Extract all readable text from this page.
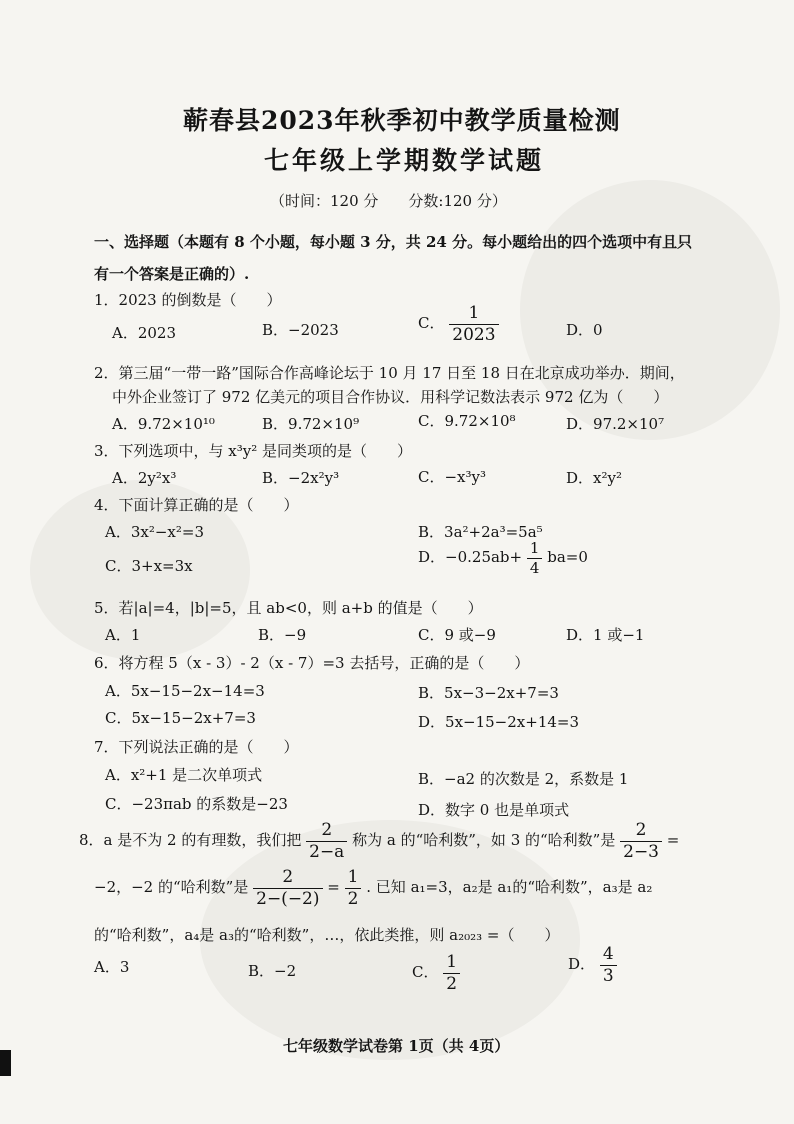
蕲春县2023年秋季初中教学质量检测
七年级上学期数学试题
（时间：120 分　　分数:120 分）
一、选择题（本题有 8 个小题，每小题 3 分，共 24 分。每小题给出的四个选项中有且只
有一个答案是正确的）.
1．2023 的倒数是（　　）
A．2023	B．−2023	C． $\frac{1}{2023}$	D．0
2．第三届“一带一路”国际合作高峰论坛于 10 月 17 日至 18 日在北京成功举办．期间，
中外企业签订了 972 亿美元的项目合作协议．用科学记数法表示 972 亿为（　　）
A．9.72×10¹⁰	B．9.72×10⁹	C．9.72×10⁸	D．97.2×10⁷
3．下列选项中，与 x³y² 是同类项的是（　　）
A．2y²x³	B．−2x²y³	C．−x³y³	D．x²y²
4．下面计算正确的是（　　）
A．3x²−x²=3	B．3a²+2a³=5a⁵
C．3+x=3x	D．$-0.25ab+ \frac{1}{4} ba=0$
5．若|a|=4，|b|=5，且 ab<0，则 a+b 的值是（　　）
A．1	B．−9	C．9 或−9	D．1 或−1
6．将方程 5（x - 3）- 2（x - 7）=3 去括号，正确的是（　　）
A．5x−15−2x−14=3	B．5x−3−2x+7=3
C．5x−15−2x+7=3	D．5x−15−2x+14=3
7．下列说法正确的是（　　）
A．x²+1 是二次单项式	B．−a2 的次数是 2，系数是 1
C．−23πab 的系数是−23	D．数字 0 也是单项式
8．a 是不为 2 的有理数，我们把 $\frac{2}{2-a}$ 称为 a 的“哈利数”，如 3 的“哈利数”是 $\frac{2}{2-3}$ =
−2，−2 的“哈利数”是 $\frac{2}{2-(-2)} = \frac{1}{2}$ . 已知 a₁=3，a₂是 a₁的“哈利数”，a₃是 a₂
的“哈利数”，a₄是 a₃的“哈利数”，…，依此类推，则 a₂₀₂₃ =（　　）
A．3	B．−2	C． $\frac{1}{2}$	D． $\frac{4}{3}$
七年级数学试卷第 1页（共 4页）
